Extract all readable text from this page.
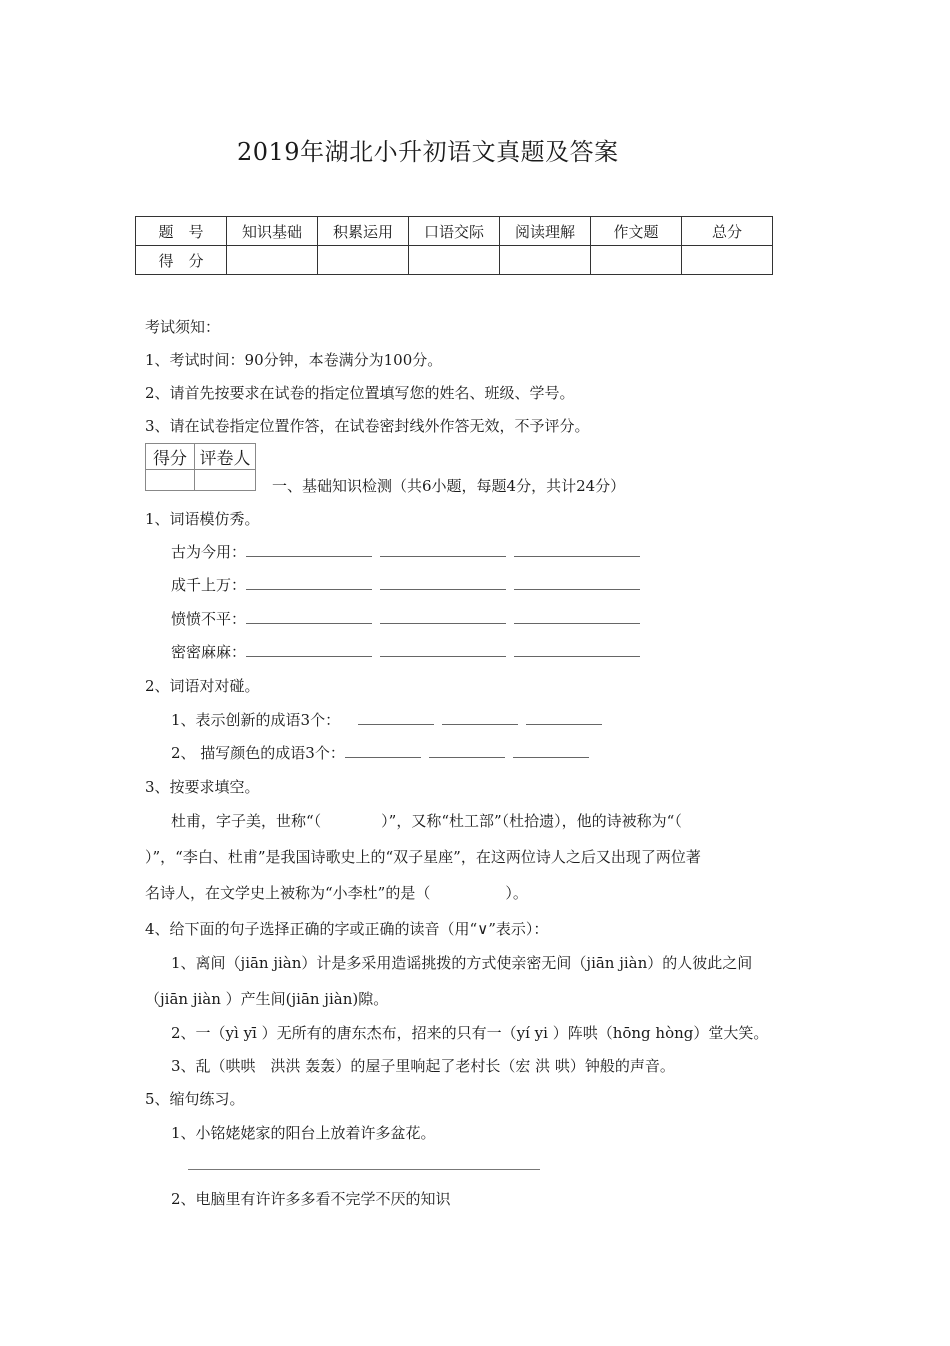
2019年湖北小升初语文真题及答案
题　号	知识基础	积累运用	口语交际	阅读理解	作文题	总分
得　分						
考试须知：
1、考试时间：90分钟，本卷满分为100分。
2、请首先按要求在试卷的指定位置填写您的姓名、班级、学号。
3、请在试卷指定位置作答，在试卷密封线外作答无效，不予评分。
得分	评卷人

一、基础知识检测（共6小题，每题4分，共计24分）
1、词语模仿秀。
古为今用：
成千上万：
愤愤不平：
密密麻麻：
2、词语对对碰。
1、表示创新的成语3个：
2、 描写颜色的成语3个：
3、按要求填空。
杜甫，字子美，世称“（　　　　）”，又称“杜工部”（杜拾遗），他的诗被称为“（
）”，“李白、杜甫”是我国诗歌史上的“双子星座”，在这两位诗人之后又出现了两位著
名诗人，在文学史上被称为“小李杜”的是（　　　　　）。
4、给下面的句子选择正确的字或正确的读音（用“∨”表示）：
1、离间（jiān jiàn）计是多采用造谣挑拨的方式使亲密无间（jiān jiàn）的人彼此之间
（jiān jiàn ）产生间(jiān jiàn)隙。
2、一（yì yī ）无所有的唐东杰布，招来的只有一（yí yi ）阵哄（hōng hòng）堂大笑。
3、乱（哄哄　洪洪 轰轰）的屋子里响起了老村长（宏 洪 哄）钟般的声音。
5、缩句练习。
1、小铭姥姥家的阳台上放着许多盆花。
2、电脑里有许许多多看不完学不厌的知识
